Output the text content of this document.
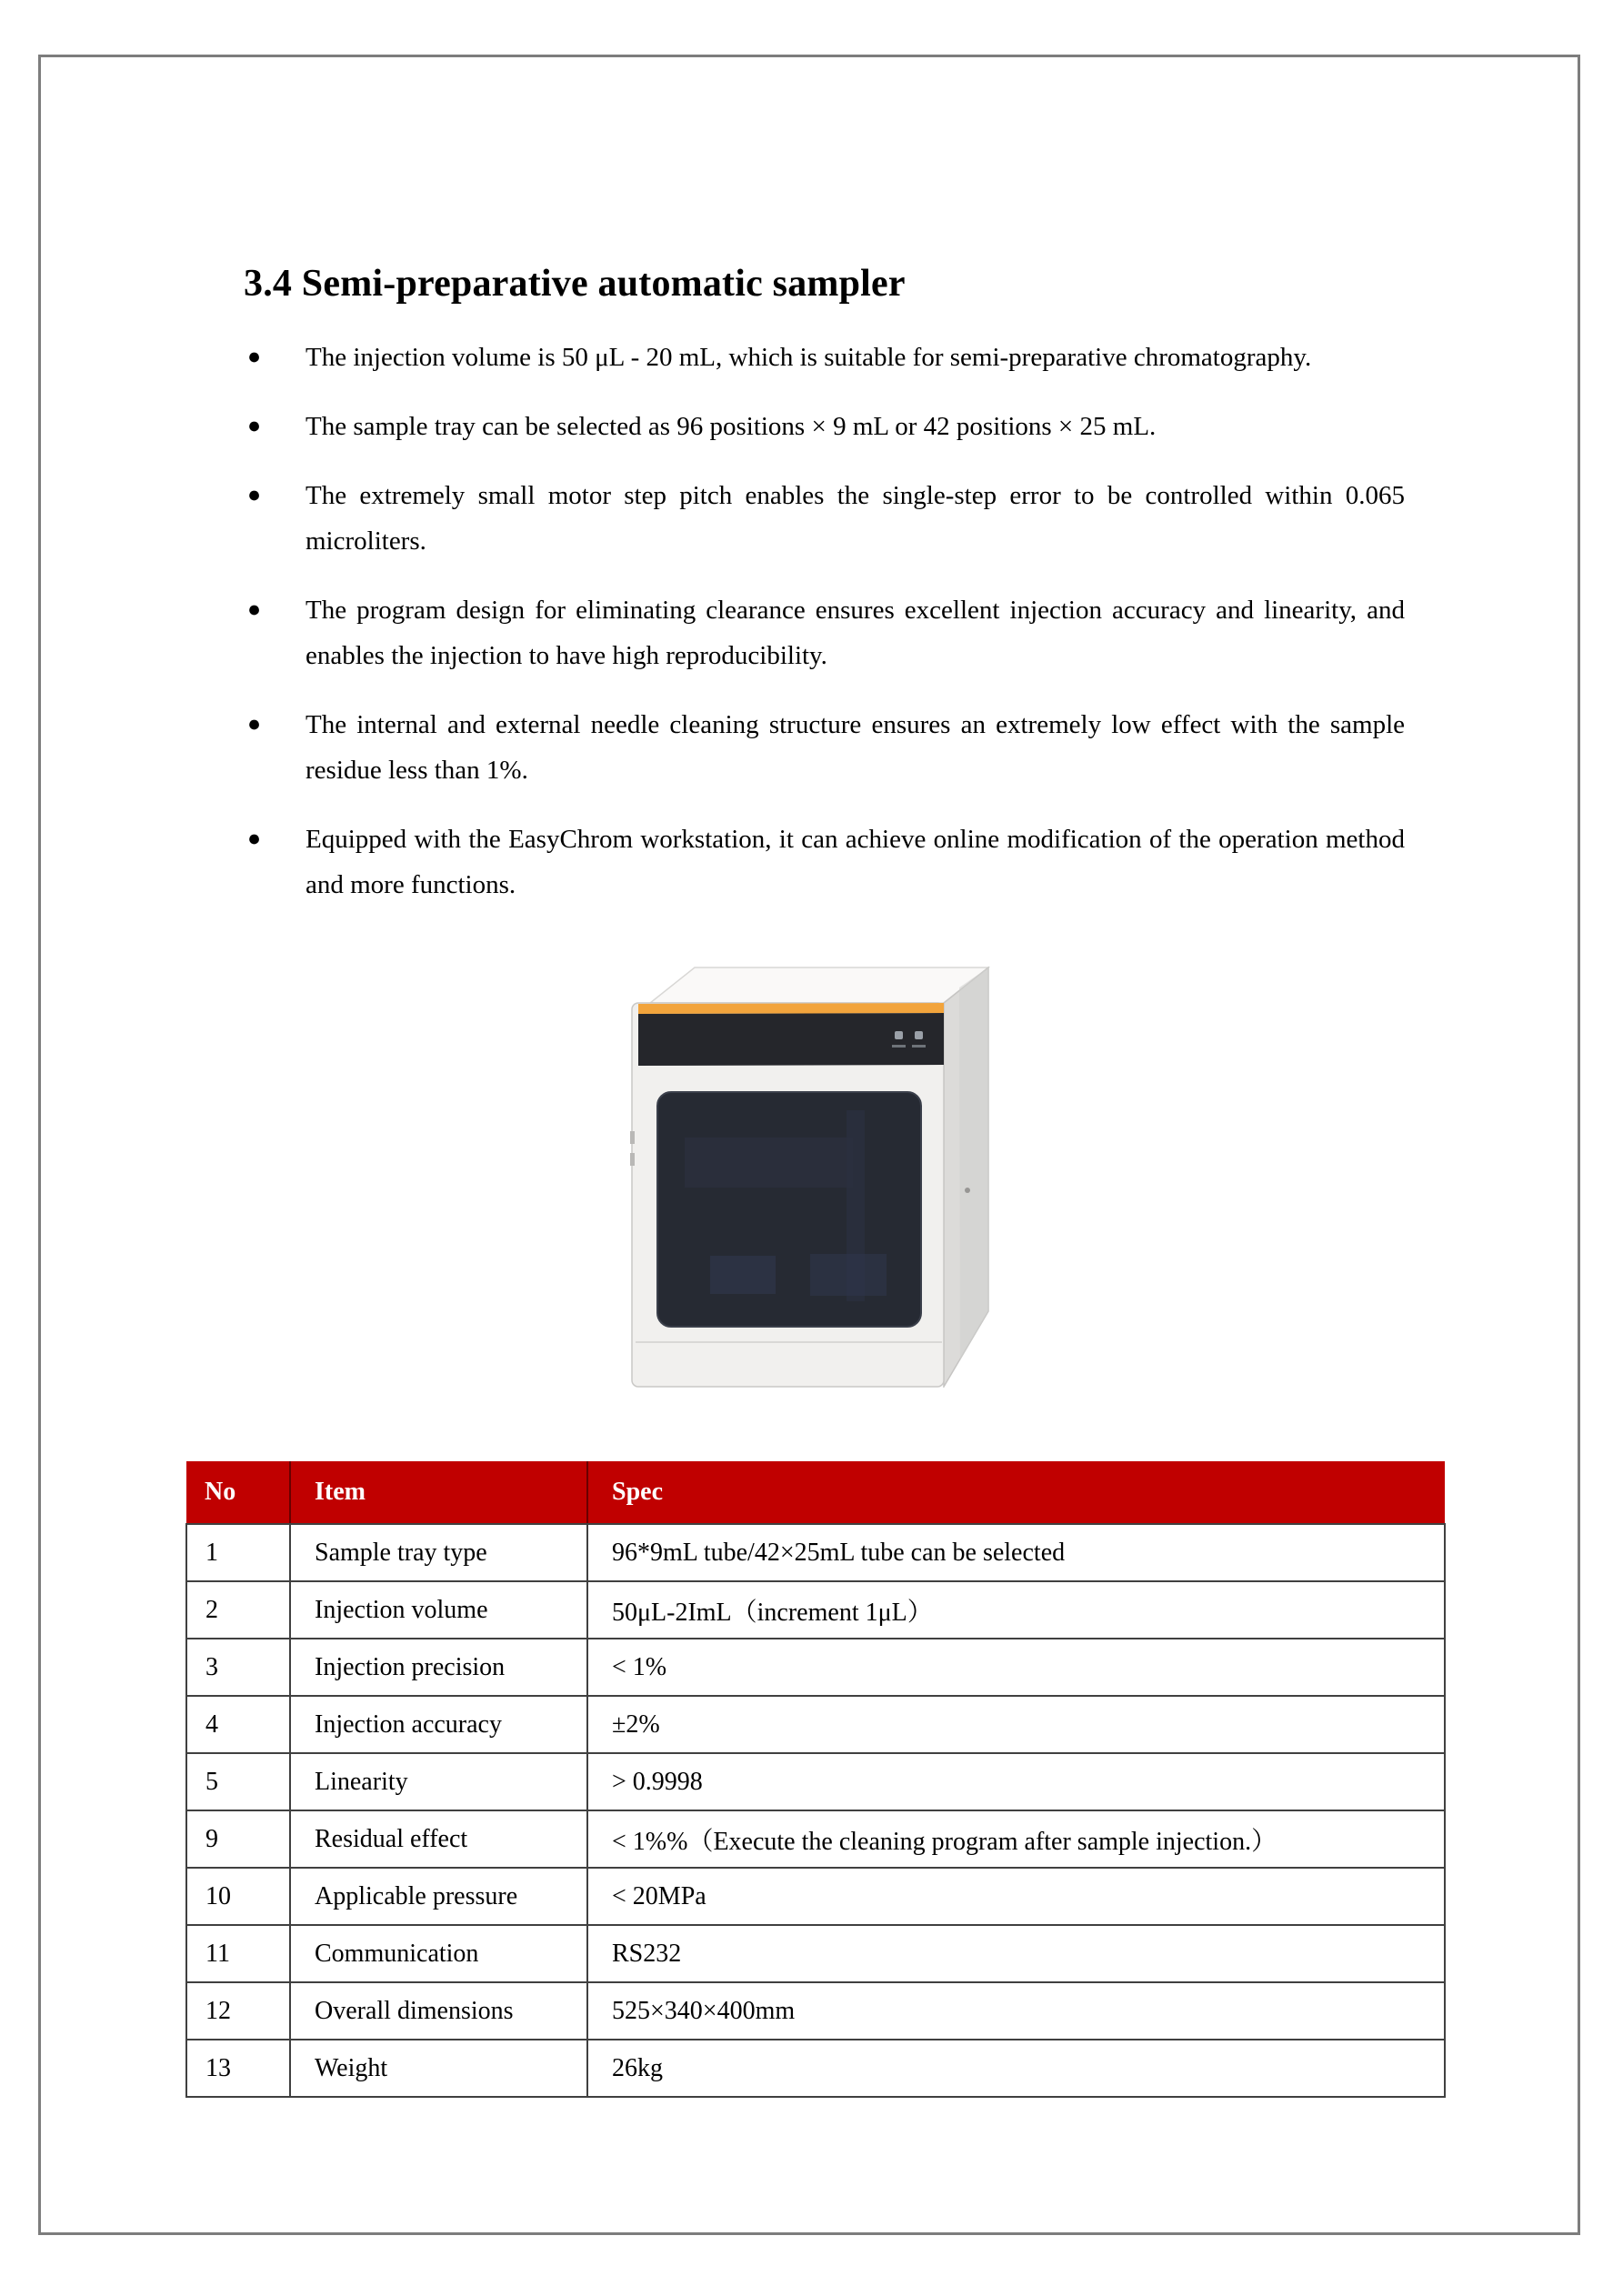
3.4 Semi-preparative automatic sampler
●	The injection volume is 50 μL - 20 mL, which is suitable for semi-preparative chromatography.
●	The sample tray can be selected as 96 positions × 9 mL or 42 positions × 25 mL.
●	The extremely small motor step pitch enables the single-step error to be controlled within 0.065 microliters.
●	The program design for eliminating clearance ensures excellent injection accuracy and linearity, and enables the injection to have high reproducibility.
●	The internal and external needle cleaning structure ensures an extremely low effect with the sample residue less than 1%.
●	Equipped with the EasyChrom workstation, it can achieve online modification of the operation method and more functions.
No	Item	Spec
1	Sample tray type	96*9mL tube/42×25mL tube can be selected
2	Injection volume	50μL-2ImL（increment 1μL）
3	Injection precision	< 1%
4	Injection accuracy	±2%
5	Linearity	> 0.9998
9	Residual effect	< 1%%（Execute the cleaning program after sample injection.）
10	Applicable pressure	< 20MPa
11	Communication	RS232
12	Overall dimensions	525×340×400mm
13	Weight	26kg
